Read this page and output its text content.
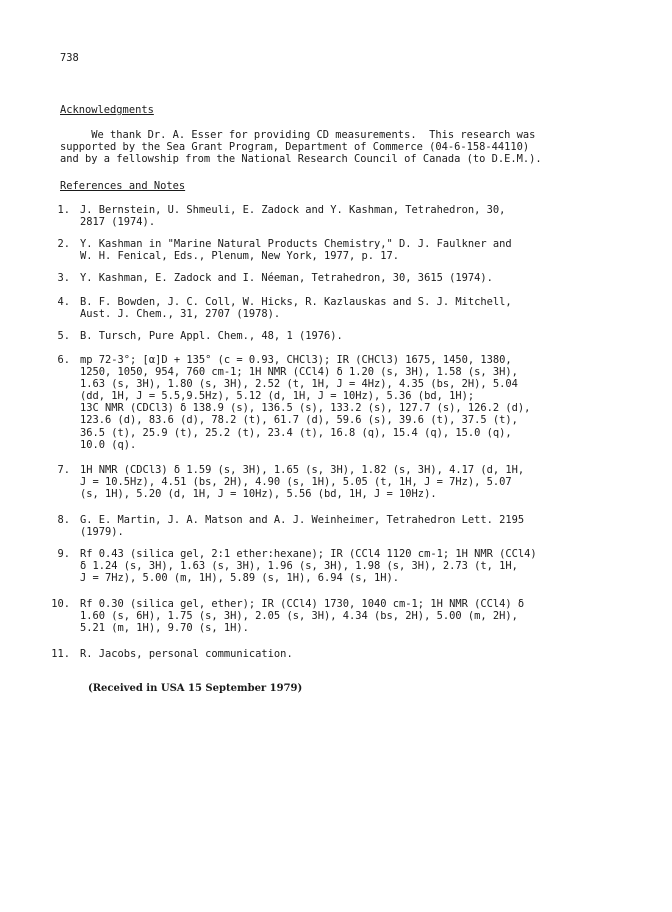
738
Acknowledgments
We thank Dr. A. Esser for providing CD measurements.  This research was
supported by the Sea Grant Program, Department of Commerce (04-6-158-44110)
and by a fellowship from the National Research Council of Canada (to D.E.M.).
References and Notes
1. J. Bernstein, U. Shmeuli, E. Zadock and Y. Kashman, Tetrahedron, 30,
2817 (1974).
2. Y. Kashman in "Marine Natural Products Chemistry," D. J. Faulkner and
W. H. Fenical, Eds., Plenum, New York, 1977, p. 17.
3. Y. Kashman, E. Zadock and I. Néeman, Tetrahedron, 30, 3615 (1974).
4. B. F. Bowden, J. C. Coll, W. Hicks, R. Kazlauskas and S. J. Mitchell,
Aust. J. Chem., 31, 2707 (1978).
5. B. Tursch, Pure Appl. Chem., 48, 1 (1976).
6. mp 72-3°; [α]D + 135° (c = 0.93, CHCl3); IR (CHCl3) 1675, 1450, 1380,
1250, 1050, 954, 760 cm-1; 1H NMR (CCl4) δ 1.20 (s, 3H), 1.58 (s, 3H),
1.63 (s, 3H), 1.80 (s, 3H), 2.52 (t, 1H, J = 4Hz), 4.35 (bs, 2H), 5.04
(dd, 1H, J = 5.5,9.5Hz), 5.12 (d, 1H, J = 10Hz), 5.36 (bd, 1H);
13C NMR (CDCl3) δ 138.9 (s), 136.5 (s), 133.2 (s), 127.7 (s), 126.2 (d),
123.6 (d), 83.6 (d), 78.2 (t), 61.7 (d), 59.6 (s), 39.6 (t), 37.5 (t),
36.5 (t), 25.9 (t), 25.2 (t), 23.4 (t), 16.8 (q), 15.4 (q), 15.0 (q),
10.0 (q).
7. 1H NMR (CDCl3) δ 1.59 (s, 3H), 1.65 (s, 3H), 1.82 (s, 3H), 4.17 (d, 1H,
J = 10.5Hz), 4.51 (bs, 2H), 4.90 (s, 1H), 5.05 (t, 1H, J = 7Hz), 5.07
(s, 1H), 5.20 (d, 1H, J = 10Hz), 5.56 (bd, 1H, J = 10Hz).
8. G. E. Martin, J. A. Matson and A. J. Weinheimer, Tetrahedron Lett. 2195
(1979).
9. Rf 0.43 (silica gel, 2:1 ether:hexane); IR (CCl4 1120 cm-1; 1H NMR (CCl4)
δ 1.24 (s, 3H), 1.63 (s, 3H), 1.96 (s, 3H), 1.98 (s, 3H), 2.73 (t, 1H,
J = 7Hz), 5.00 (m, 1H), 5.89 (s, 1H), 6.94 (s, 1H).
10. Rf 0.30 (silica gel, ether); IR (CCl4) 1730, 1040 cm-1; 1H NMR (CCl4) δ
1.60 (s, 6H), 1.75 (s, 3H), 2.05 (s, 3H), 4.34 (bs, 2H), 5.00 (m, 2H),
5.21 (m, 1H), 9.70 (s, 1H).
11. R. Jacobs, personal communication.
(Received in USA 15 September 1979)
